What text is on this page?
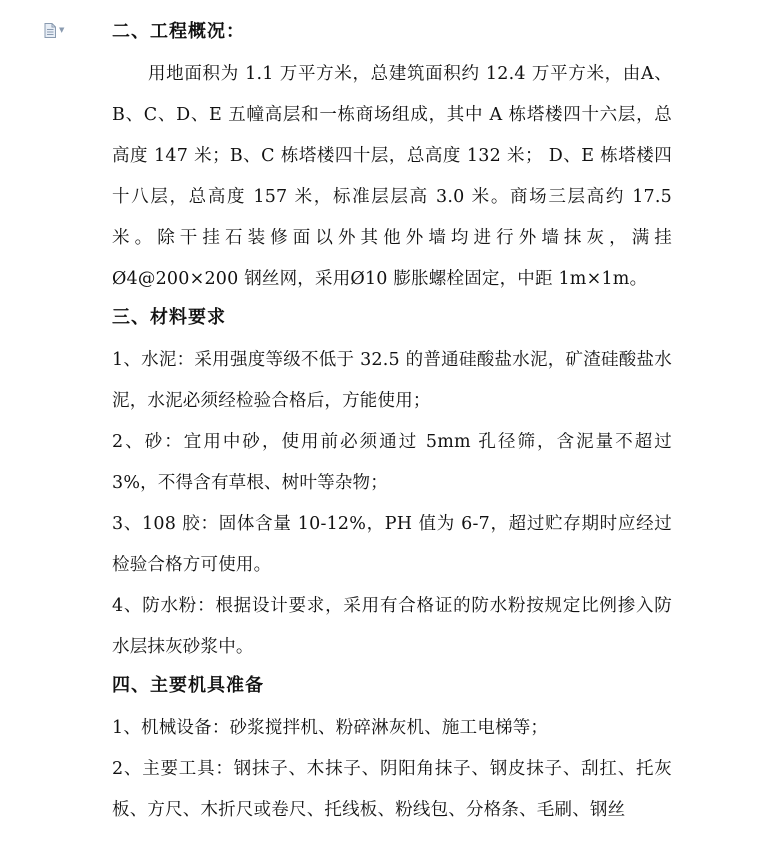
▼	二、工程概况：

用地面积为 1.1 万平方米，总建筑面积约 12.4 万平方米，由A、B、C、D、E 五幢高层和一栋商场组成，其中 A 栋塔楼四十六层，总高度 147 米；B、C 栋塔楼四十层，总高度 132 米； D、E 栋塔楼四十八层，总高度 157 米，标准层层高 3.0 米。商场三层高约 17.5 米。除干挂石装修面以外其他外墙均进行外墙抹灰，满挂Ø4@200×200 钢丝网，采用Ø10 膨胀螺栓固定，中距 1m×1m。

三、材料要求

1、水泥：采用强度等级不低于 32.5 的普通硅酸盐水泥，矿渣硅酸盐水泥，水泥必须经检验合格后，方能使用；

2、砂：宜用中砂，使用前必须通过 5mm 孔径筛，含泥量不超过 3%，不得含有草根、树叶等杂物；

3、108 胶：固体含量 10-12%，PH 值为 6-7，超过贮存期时应经过检验合格方可使用。

4、防水粉：根据设计要求，采用有合格证的防水粉按规定比例掺入防水层抹灰砂浆中。

四、主要机具准备

1、机械设备：砂浆搅拌机、粉碎淋灰机、施工电梯等；

2、主要工具：钢抹子、木抹子、阴阳角抹子、钢皮抹子、刮扛、托灰板、方尺、木折尺或卷尺、托线板、粉线包、分格条、毛刷、钢丝
